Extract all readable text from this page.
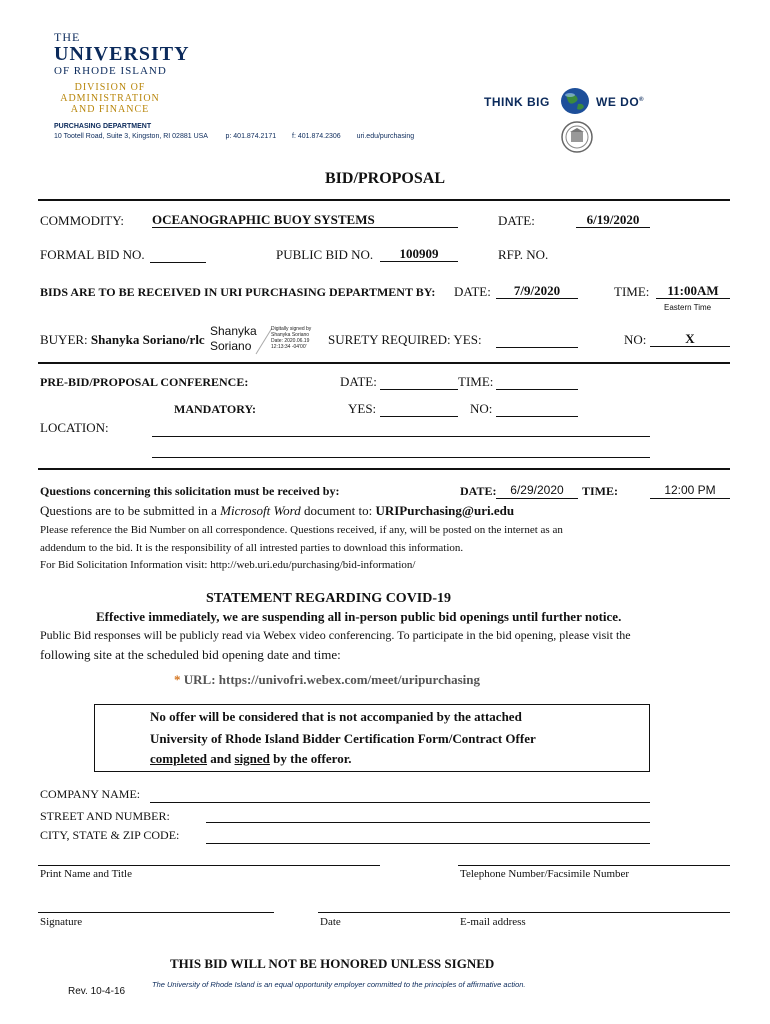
THE
UNIVERSITY
OF RHODE ISLAND
DIVISION OF
ADMINISTRATION
AND FINANCE
PURCHASING DEPARTMENT
10 Tootell Road, Suite 3, Kingston, RI 02881 USA	p: 401.874.2171 f: 401.874.2306 uri.edu/purchasing
THINK BIG	WE DO®
BID/PROPOSAL
COMMODITY: OCEANOGRAPHIC BUOY SYSTEMS	DATE:	6/19/2020
FORMAL BID NO.	PUBLIC BID NO.	100909	RFP. NO.
BIDS ARE TO BE RECEIVED IN URI PURCHASING DEPARTMENT BY: DATE:	7/9/2020	TIME:	11:00AM
Eastern Time
BUYER: Shanyka Soriano/rlc
Shanyka
Soriano
Digitally signed by
Shanyka Soriano
Date: 2020.06.19
12:13:34 -04'00'	SURETY REQUIRED: YES:	NO:	X
PRE-BID/PROPOSAL CONFERENCE:	DATE:	TIME:
MANDATORY:	YES:	NO:
LOCATION:
Questions concerning this solicitation must be received by:	DATE:	6/29/2020	TIME:	12:00 PM
Questions are to be submitted in a Microsoft Word document to: URIPurchasing@uri.edu
Please reference the Bid Number on all correspondence. Questions received, if any, will be posted on the internet as an
addendum to the bid. It is the responsibility of all intrested parties to download this information.
For Bid Solicitation Information visit: http://web.uri.edu/purchasing/bid-information/
STATEMENT REGARDING COVID-19
Effective immediately, we are suspending all in-person public bid openings until further notice.
Public Bid responses will be publicly read via Webex video conferencing. To participate in the bid opening, please visit the
following site at the scheduled bid opening date and time:
* URL: https://univofri.webex.com/meet/uripurchasing
No offer will be considered that is not accompanied by the attached
University of Rhode Island Bidder Certification Form/Contract Offer
completed and signed by the offeror.
COMPANY NAME:
STREET AND NUMBER:
CITY, STATE & ZIP CODE:
Print Name and Title	Telephone Number/Facsimile Number
Signature	Date	E-mail address
THIS BID WILL NOT BE HONORED UNLESS SIGNED
Rev. 10-4-16
The University of Rhode Island is an equal opportunity employer committed to the principles of affirmative action.
